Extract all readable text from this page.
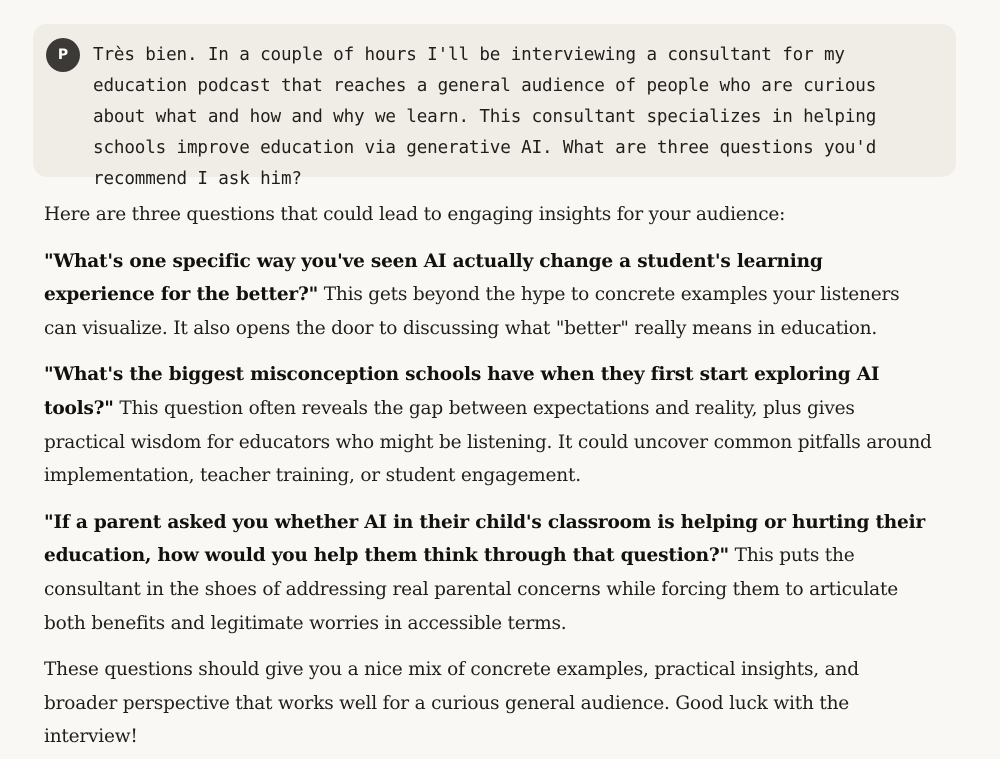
P	Très bien. In a couple of hours I'll be interviewing a consultant for my education podcast that reaches a general audience of people who are curious about what and how and why we learn. This consultant specializes in helping schools improve education via generative AI. What are three questions you'd recommend I ask him?

Here are three questions that could lead to engaging insights for your audience:

"What's one specific way you've seen AI actually change a student's learning experience for the better?" This gets beyond the hype to concrete examples your listeners can visualize. It also opens the door to discussing what "better" really means in education.

"What's the biggest misconception schools have when they first start exploring AI tools?" This question often reveals the gap between expectations and reality, plus gives practical wisdom for educators who might be listening. It could uncover common pitfalls around implementation, teacher training, or student engagement.

"If a parent asked you whether AI in their child's classroom is helping or hurting their education, how would you help them think through that question?" This puts the consultant in the shoes of addressing real parental concerns while forcing them to articulate both benefits and legitimate worries in accessible terms.

These questions should give you a nice mix of concrete examples, practical insights, and broader perspective that works well for a curious general audience. Good luck with the interview!
